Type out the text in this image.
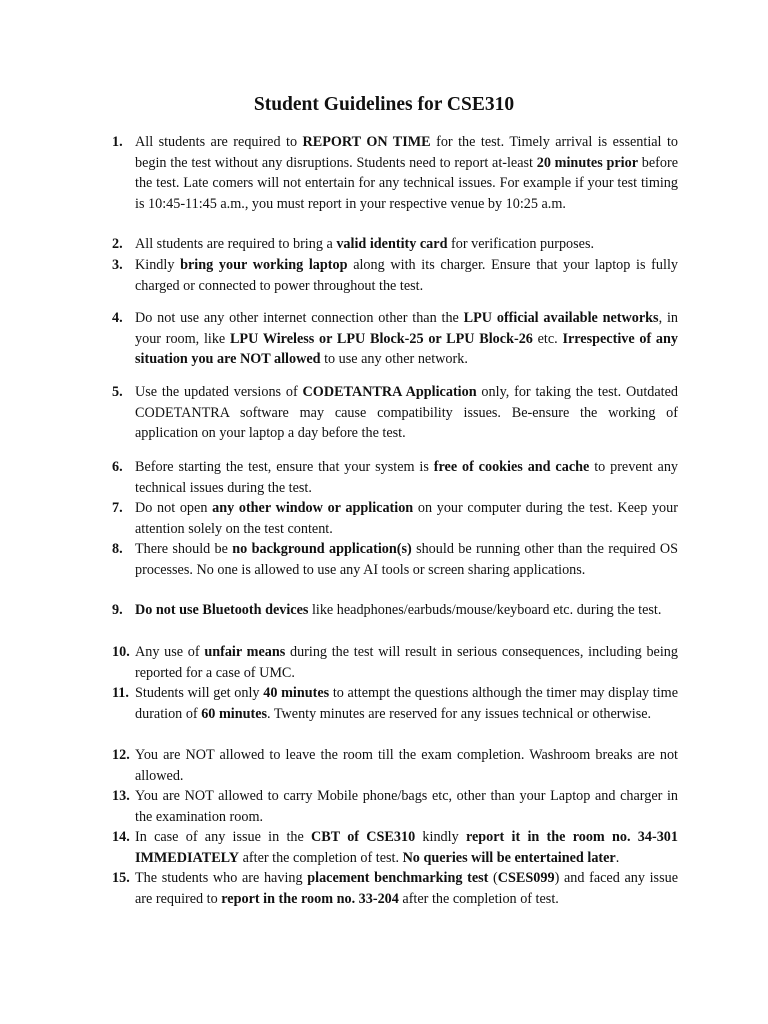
Student Guidelines for CSE310
1. All students are required to REPORT ON TIME for the test. Timely arrival is essential to begin the test without any disruptions. Students need to report at-least 20 minutes prior before the test. Late comers will not entertain for any technical issues. For example if your test timing is 10:45-11:45 a.m., you must report in your respective venue by 10:25 a.m.
2. All students are required to bring a valid identity card for verification purposes.
3. Kindly bring your working laptop along with its charger. Ensure that your laptop is fully charged or connected to power throughout the test.
4. Do not use any other internet connection other than the LPU official available networks, in your room, like LPU Wireless or LPU Block-25 or LPU Block-26 etc. Irrespective of any situation you are NOT allowed to use any other network.
5. Use the updated versions of CODETANTRA Application only, for taking the test. Outdated CODETANTRA software may cause compatibility issues. Be-ensure the working of application on your laptop a day before the test.
6. Before starting the test, ensure that your system is free of cookies and cache to prevent any technical issues during the test.
7. Do not open any other window or application on your computer during the test. Keep your attention solely on the test content.
8. There should be no background application(s) should be running other than the required OS processes. No one is allowed to use any AI tools or screen sharing applications.
9. Do not use Bluetooth devices like headphones/earbuds/mouse/keyboard etc. during the test.
10. Any use of unfair means during the test will result in serious consequences, including being reported for a case of UMC.
11. Students will get only 40 minutes to attempt the questions although the timer may display time duration of 60 minutes. Twenty minutes are reserved for any issues technical or otherwise.
12. You are NOT allowed to leave the room till the exam completion. Washroom breaks are not allowed.
13. You are NOT allowed to carry Mobile phone/bags etc, other than your Laptop and charger in the examination room.
14. In case of any issue in the CBT of CSE310 kindly report it in the room no. 34-301 IMMEDIATELY after the completion of test. No queries will be entertained later.
15. The students who are having placement benchmarking test (CSES099) and faced any issue are required to report in the room no. 33-204 after the completion of test.
